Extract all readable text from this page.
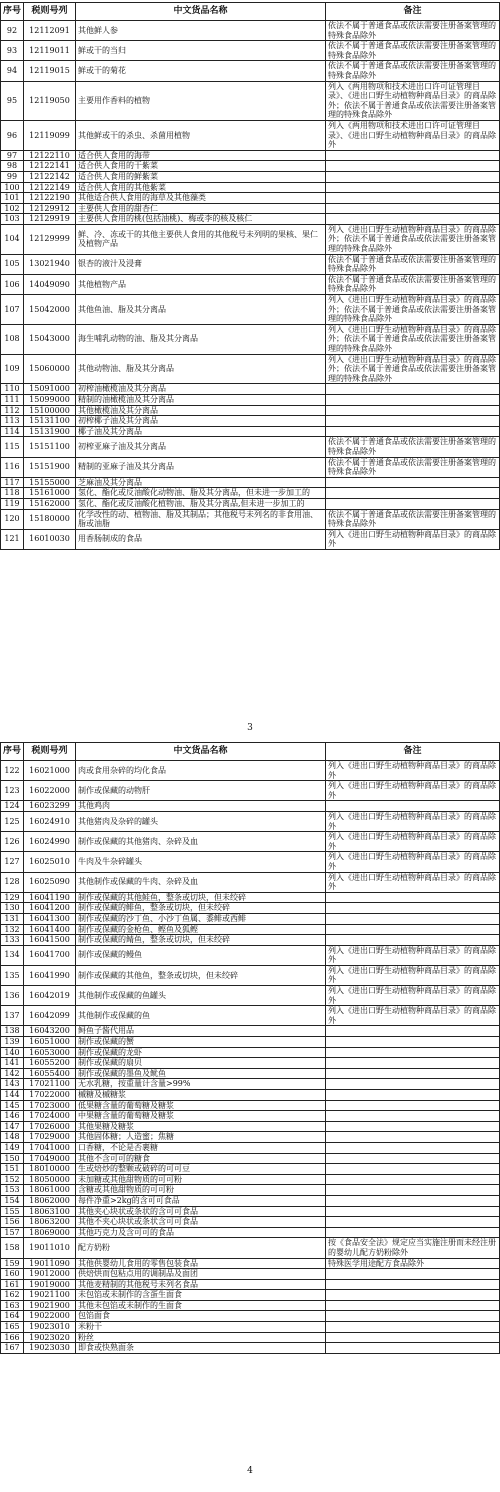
序号	税则号列	中文货品名称	备注
92	12112091	其他鲜人参	依法不属于普通食品或依法需要注册备案管理的特殊食品除外
93	12119011	鲜或干的当归	依法不属于普通食品或依法需要注册备案管理的特殊食品除外
94	12119015	鲜或干的菊花	依法不属于普通食品或依法需要注册备案管理的特殊食品除外
95	12119050	主要用作香料的植物	列入《两用物项和技术进出口许可证管理目录》、《进出口野生动植物种商品目录》的商品除外；依法不属于普通食品或依法需要注册备案管理的特殊食品除外
96	12119099	其他鲜或干的杀虫、杀菌用植物	列入《两用物项和技术进出口许可证管理目录》、《进出口野生动植物种商品目录》的商品除外
97	12122110	适合供人食用的海带	
98	12122141	适合供人食用的干紫菜	
99	12122142	适合供人食用的鲜紫菜	
100	12122149	适合供人食用的其他紫菜	
101	12122190	其他适合供人食用的海草及其他藻类	
102	12129912	主要供人食用的甜杏仁	
103	12129919	主要供人食用的桃(包括油桃)、梅或李的核及核仁	
104	12129999	鲜、冷、冻或干的其他主要供人食用的其他税号未列明的果核、果仁及植物产品	列入《进出口野生动植物种商品目录》的商品除外；依法不属于普通食品或依法需要注册备案管理的特殊食品除外
105	13021940	银杏的液汁及浸膏	依法不属于普通食品或依法需要注册备案管理的特殊食品除外
106	14049090	其他植物产品	依法不属于普通食品或依法需要注册备案管理的特殊食品除外
107	15042000	其他鱼油、脂及其分离品	列入《进出口野生动植物种商品目录》的商品除外；依法不属于普通食品或依法需要注册备案管理的特殊食品除外
108	15043000	海生哺乳动物的油、脂及其分离品	列入《进出口野生动植物种商品目录》的商品除外；依法不属于普通食品或依法需要注册备案管理的特殊食品除外
109	15060000	其他动物油、脂及其分离品	列入《进出口野生动植物种商品目录》的商品除外；依法不属于普通食品或依法需要注册备案管理的特殊食品除外
110	15091000	初榨油橄榄油及其分离品	
111	15099000	精制的油橄榄油及其分离品	
112	15100000	其他橄榄油及其分离品	
113	15131100	初榨椰子油及其分离品	
114	15131900	椰子油及其分离品	
115	15151100	初榨亚麻子油及其分离品	依法不属于普通食品或依法需要注册备案管理的特殊食品除外
116	15151900	精制的亚麻子油及其分离品	依法不属于普通食品或依法需要注册备案管理的特殊食品除外
117	15155000	芝麻油及其分离品	
118	15161000	氢化、酯化或反油酸化动物油、脂及其分离品，但未进一步加工的	
119	15162000	氢化、酯化或反油酸化植物油、脂及其分离品,但未进一步加工的	
120	15180000	化学改性的动、植物油、脂及其制品；其他税号未列名的非食用油、脂或油脂	依法不属于普通食品或依法需要注册备案管理的特殊食品除外
121	16010030	用香肠制成的食品	列入《进出口野生动植物种商品目录》的商品除外
3
序号	税则号列	中文货品名称	备注
122	16021000	肉或食用杂碎的均化食品	列入《进出口野生动植物种商品目录》的商品除外
123	16022000	制作或保藏的动物肝	列入《进出口野生动植物种商品目录》的商品除外
124	16023299	其他鸡肉	
125	16024910	其他猪肉及杂碎的罐头	列入《进出口野生动植物种商品目录》的商品除外
126	16024990	制作或保藏的其他猪肉、杂碎及血	列入《进出口野生动植物种商品目录》的商品除外
127	16025010	牛肉及牛杂碎罐头	列入《进出口野生动植物种商品目录》的商品除外
128	16025090	其他制作或保藏的牛肉、杂碎及血	列入《进出口野生动植物种商品目录》的商品除外
129	16041190	制作或保藏的其他鲑鱼，整条或切块，但未绞碎	
130	16041200	制作或保藏的鲱鱼，整条或切块，但未绞碎	
131	16041300	制作或保藏的沙丁鱼、小沙丁鱼属、黍鲱或西鲱	
132	16041400	制作或保藏的金枪鱼、鲣鱼及狐鲣	
133	16041500	制作或保藏的鲭鱼，整条或切块，但未绞碎	
134	16041700	制作或保藏的鳗鱼	列入《进出口野生动植物种商品目录》的商品除外
135	16041990	制作或保藏的其他鱼，整条或切块，但未绞碎	列入《进出口野生动植物种商品目录》的商品除外
136	16042019	其他制作或保藏的鱼罐头	列入《进出口野生动植物种商品目录》的商品除外
137	16042099	其他制作或保藏的鱼	列入《进出口野生动植物种商品目录》的商品除外
138	16043200	鲟鱼子酱代用品	
139	16051000	制作或保藏的蟹	
140	16053000	制作或保藏的龙虾	
141	16055200	制作或保藏的扇贝	
142	16055400	制作或保藏的墨鱼及鱿鱼	
143	17021100	无水乳糖，按重量计含量>99%	
144	17022000	槭糖及槭糖浆	
145	17023000	低果糖含量的葡萄糖及糖浆	
146	17024000	中果糖含量的葡萄糖及糖浆	
147	17026000	其他果糖及糖浆	
148	17029000	其他固体糖；人造蜜；焦糖	
149	17041000	口香糖，不论是否裹糖	
150	17049000	其他不含可可的糖食	
151	18010000	生或焙炒的整颗或破碎的可可豆	
152	18050000	未加糖或其他甜物质的可可粉	
153	18061000	含糖或其他甜物质的可可粉	
154	18062000	每件净重>2kg的含可可食品	
155	18063100	其他夹心块状或条状的含可可食品	
156	18063200	其他不夹心块状或条状含可可食品	
157	18069000	其他巧克力及含可可的食品	
158	19011010	配方奶粉	按《食品安全法》规定应当实施注册而未经注册的婴幼儿配方奶粉除外
159	19011090	其他供婴幼儿食用的零售包装食品	特殊医学用途配方食品除外
160	19012000	供焙烘而包粘点用的调制品及面团	
161	19019000	其他麦精制的其他税号未列名食品	
162	19021100	未包馅或未制作的含蛋生面食	
163	19021900	其他未包馅或未制作的生面食	
164	19022000	包馅面食	
165	19023010	米粉干	
166	19023020	粉丝	
167	19023030	即食或快熟面条	
4
